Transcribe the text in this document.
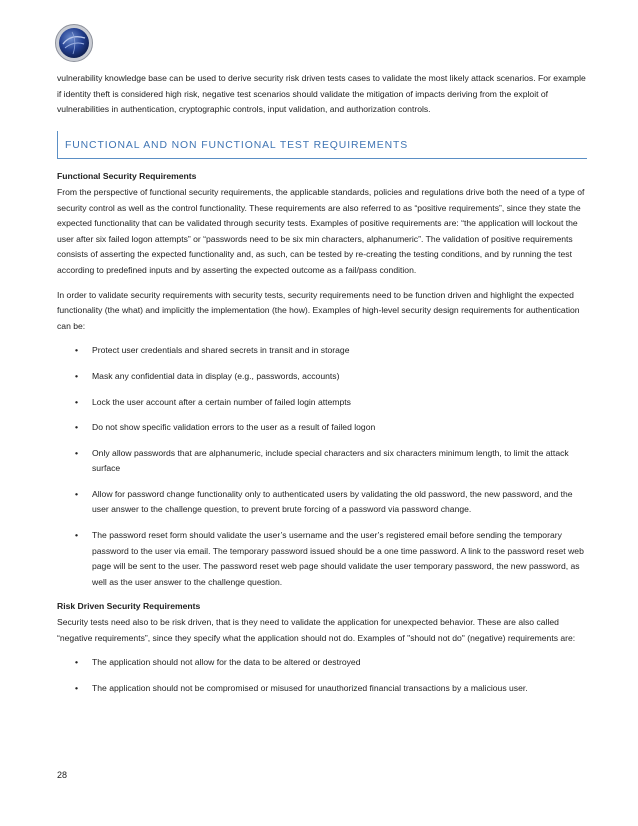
vulnerability knowledge base can be used to derive security risk driven tests cases to validate the most likely attack scenarios. For example if identity theft is considered high risk, negative test scenarios should validate the mitigation of impacts deriving from the exploit of vulnerabilities in authentication, cryptographic controls, input validation, and authorization controls.

FUNCTIONAL AND NON FUNCTIONAL TEST REQUIREMENTS

Functional Security Requirements

From the perspective of functional security requirements, the applicable standards, policies and regulations drive both the need of a type of security control as well as the control functionality. These requirements are also referred to as “positive requirements”, since they state the expected functionality that can be validated through security tests. Examples of positive requirements are: “the application will lockout the user after six failed logon attempts” or “passwords need to be six min characters, alphanumeric”. The validation of positive requirements consists of asserting the expected functionality and, as such, can be tested by re-creating the testing conditions, and by running the test according to predefined inputs and by asserting the expected outcome as a fail/pass condition.

In order to validate security requirements with security tests, security requirements need to be function driven and highlight the expected functionality (the what) and implicitly the implementation (the how). Examples of high-level security design requirements for authentication can be:

• Protect user credentials and shared secrets in transit and in storage
• Mask any confidential data in display (e.g., passwords, accounts)
• Lock the user account after a certain number of failed login attempts
• Do not show specific validation errors to the user as a result of failed logon
• Only allow passwords that are alphanumeric, include special characters and six characters minimum length, to limit the attack surface
• Allow for password change functionality only to authenticated users by validating the old password, the new password, and the user answer to the challenge question, to prevent brute forcing of a password via password change.
• The password reset form should validate the user’s username and the user’s registered email before sending the temporary password to the user via email. The temporary password issued should be a one time password. A link to the password reset web page will be sent to the user. The password reset web page should validate the user temporary password, the new password, as well as the user answer to the challenge question.

Risk Driven Security Requirements

Security tests need also to be risk driven, that is they need to validate the application for unexpected behavior. These are also called “negative requirements”, since they specify what the application should not do. Examples of "should not do" (negative) requirements are:

• The application should not allow for the data to be altered or destroyed
• The application should not be compromised or misused for unauthorized financial transactions by a malicious user.
28
